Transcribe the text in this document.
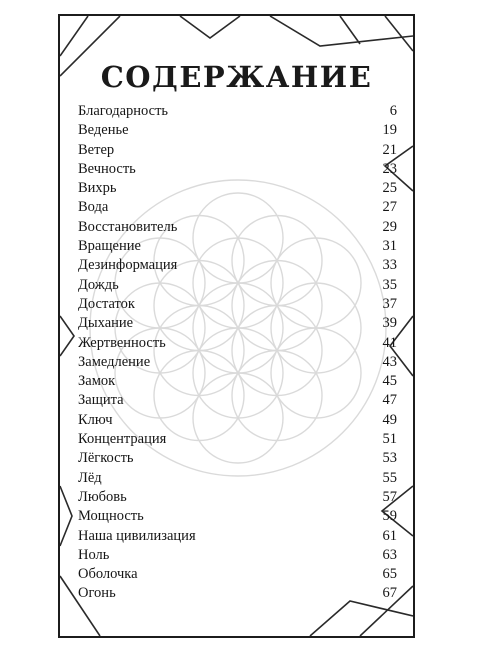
СОДЕРЖАНИЕ
Благодарность	6
Веденье	19
Ветер	21
Вечность	23
Вихрь	25
Вода	27
Восстановитель	29
Вращение	31
Дезинформация	33
Дождь	35
Достаток	37
Дыхание	39
Жертвенность	41
Замедление	43
Замок	45
Защита	47
Ключ	49
Концентрация	51
Лёгкость	53
Лёд	55
Любовь	57
Мощность	59
Наша цивилизация	61
Ноль	63
Оболочка	65
Огонь	67
